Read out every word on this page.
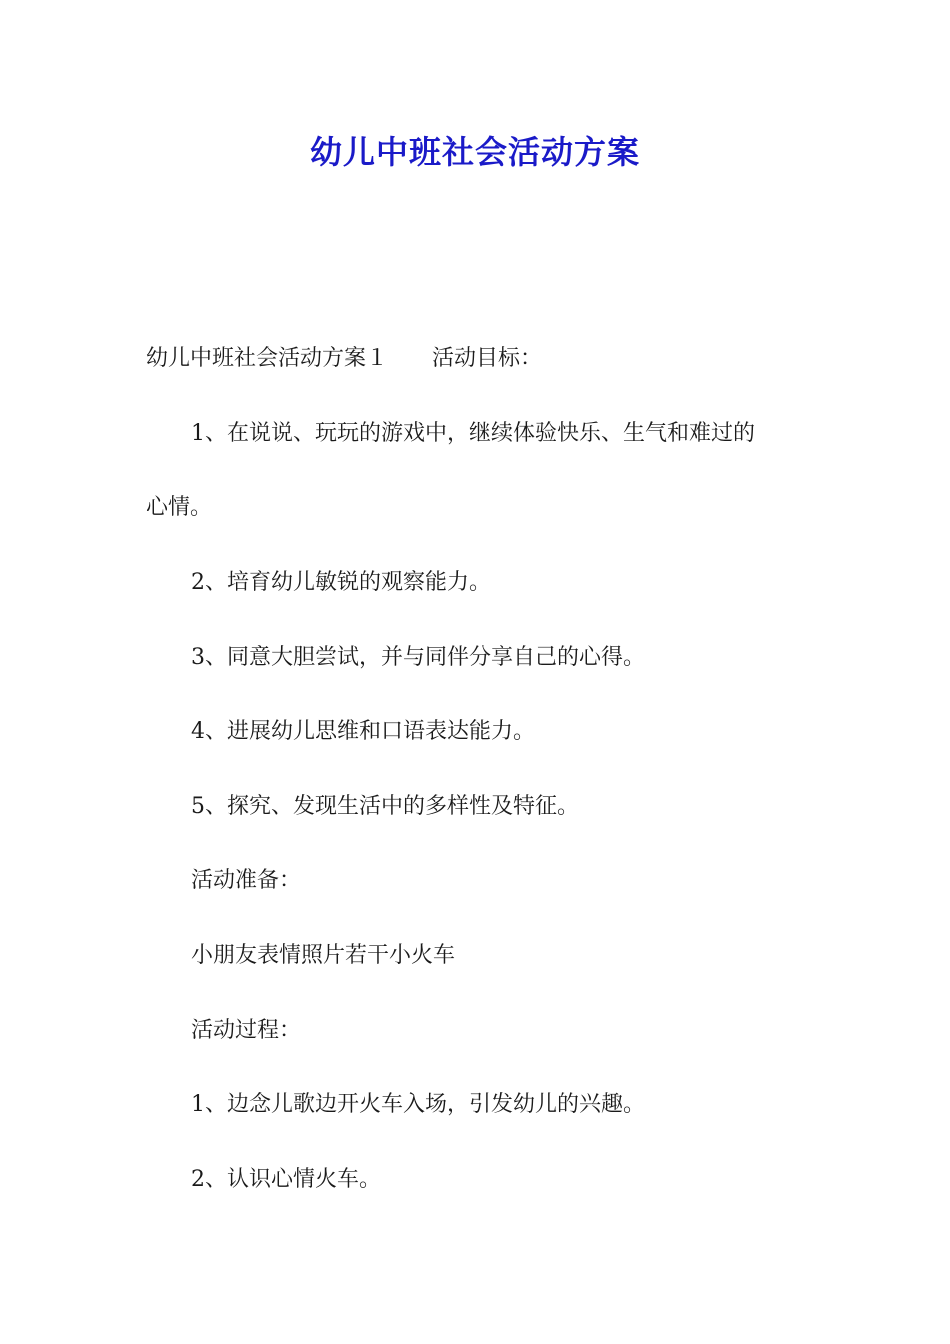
幼儿中班社会活动方案

幼儿中班社会活动方案１　　活动目标：

1、在说说、玩玩的游戏中，继续体验快乐、生气和难过的

心情。

2、培育幼儿敏锐的观察能力。

3、同意大胆尝试，并与同伴分享自己的心得。

4、进展幼儿思维和口语表达能力。

5、探究、发现生活中的多样性及特征。

活动准备：

小朋友表情照片若干小火车

活动过程：

1、边念儿歌边开火车入场，引发幼儿的兴趣。

2、认识心情火车。
